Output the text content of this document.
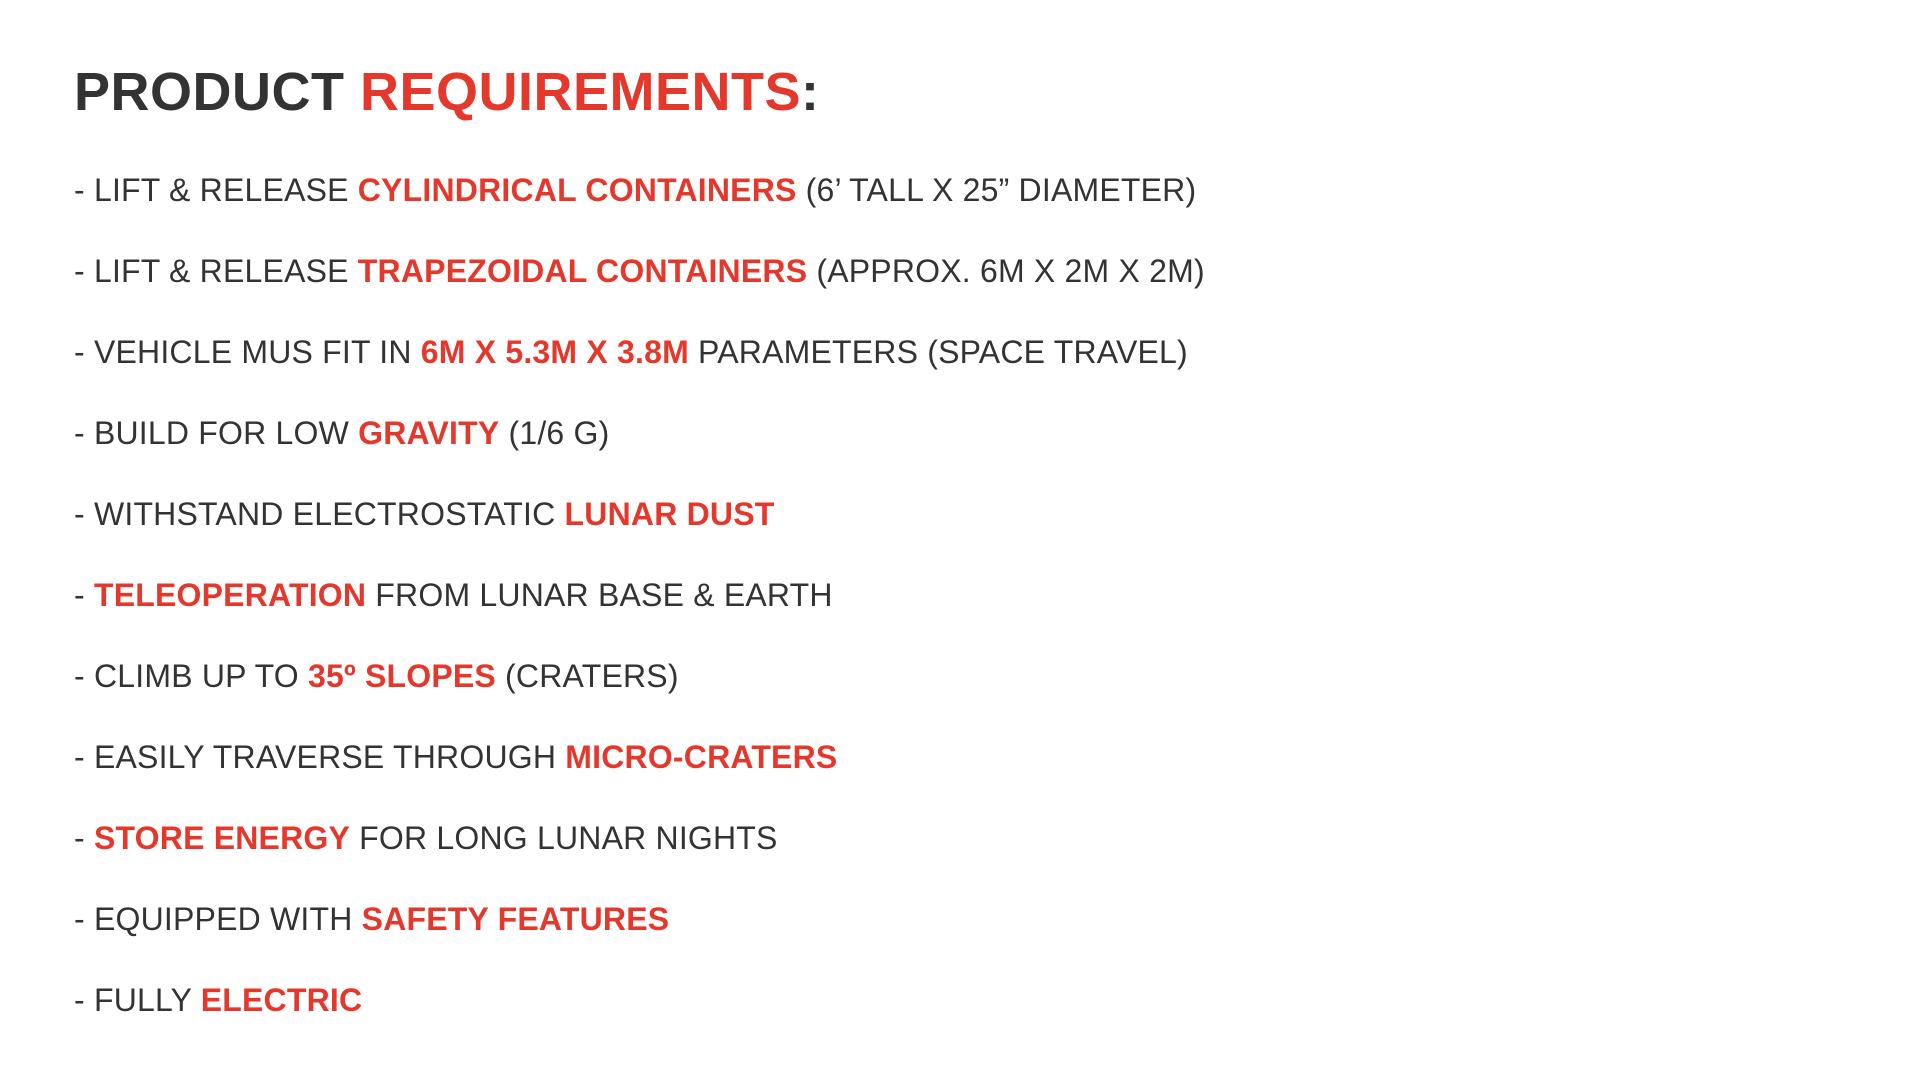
PRODUCT REQUIREMENTS:
- LIFT & RELEASE CYLINDRICAL CONTAINERS (6’ TALL X 25” DIAMETER)
- LIFT & RELEASE TRAPEZOIDAL CONTAINERS (APPROX. 6M X 2M X 2M)
- VEHICLE MUS FIT IN 6M X 5.3M X 3.8M PARAMETERS (SPACE TRAVEL)
- BUILD FOR LOW GRAVITY (1/6 G)
- WITHSTAND ELECTROSTATIC LUNAR DUST
- TELEOPERATION FROM LUNAR BASE & EARTH
- CLIMB UP TO 35º SLOPES (CRATERS)
- EASILY TRAVERSE THROUGH MICRO-CRATERS
- STORE ENERGY FOR LONG LUNAR NIGHTS
- EQUIPPED WITH SAFETY FEATURES
- FULLY ELECTRIC
